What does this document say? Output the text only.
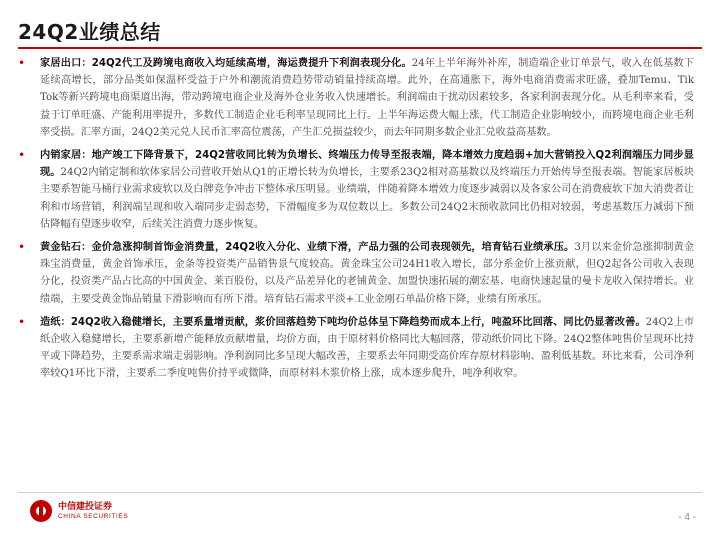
24Q2业绩总结
•	家居出口：24Q2代工及跨境电商收入均延续高增，海运费提升下利润表现分化。24年上半年海外补库，制造端企业订单景气，收入在低基数下延续高增长，部分品类如保温杯受益于户外和潮流消费趋势带动销量持续高增。此外，在高通胀下，海外电商消费需求旺盛，叠加Temu、Tik Tok等新兴跨境电商渠道出海，带动跨境电商企业及海外仓业务收入快速增长。利润端由于扰动因素较多，各家利润表现分化。从毛利率来看，受益于订单旺盛、产能利用率提升，多数代工制造企业毛利率呈现同比上行。上半年海运费大幅上涨，代工制造企业影响较小，而跨境电商企业毛利率受损。汇率方面，24Q2美元兑人民币汇率高位震荡，产生汇兑损益较少，而去年同期多数企业汇兑收益高基数。
•	内销家居：地产竣工下降背景下，24Q2营收同比转为负增长、终端压力传导至报表端，降本增效力度趋弱+加大营销投入Q2利润端压力同步显现。24Q2内销定制和软体家居公司营收开始从Q1的正增长转为负增长，主要系23Q2相对高基数以及终端压力开始传导至报表端。智能家居板块主要系智能马桶行业需求疲软以及白牌竞争冲击下整体承压明显。业绩端，伴随着降本增效力度逐步减弱以及各家公司在消费疲软下加大消费者让利和市场营销，利润端呈现和收入端同步走弱态势，下滑幅度多为双位数以上。多数公司24Q2末预收款同比仍相对较弱，考虑基数压力减弱下预估降幅有望逐步收窄，后续关注消费力逐步恢复。
•	黄金钻石：金价急涨抑制首饰金消费量，24Q2收入分化、业绩下滑，产品力强的公司表现领先，培育钻石业绩承压。3月以来金价急涨抑制黄金珠宝消费量，黄金首饰承压，金条等投资类产品销售景气度较高。黄金珠宝公司24H1收入增长，部分系金价上涨贡献，但Q2起各公司收入表现分化，投资类产品占比高的中国黄金、莱百股份，以及产品差异化的老铺黄金、加盟快速拓展的潮宏基、电商快速起量的曼卡龙收入保持增长。业绩端，主要受黄金饰品销量下滑影响而有所下滑。培育钻石需求平淡+工业金刚石单晶价格下降，业绩有所承压。
•	造纸：24Q2收入稳健增长，主要系量增贡献，浆价回落趋势下吨均价总体呈下降趋势而成本上行，吨盈环比回落、同比仍显著改善。24Q2上市纸企收入稳健增长，主要系新增产能释放贡献增量，均价方面，由于原材料价格同比大幅回落，带动纸价同比下降。24Q2整体吨售价呈现环比持平或下降趋势，主要系需求端走弱影响。净利润同比多呈现大幅改善，主要系去年同期受高价库存原材料影响、盈利低基数。环比来看，公司净利率较Q1环比下滑，主要系二季度吨售价持平或微降，而原材料木浆价格上涨，成本逐步爬升，吨净利收窄。
中信建投证券
CHINA SECURITIES	- 4 -
